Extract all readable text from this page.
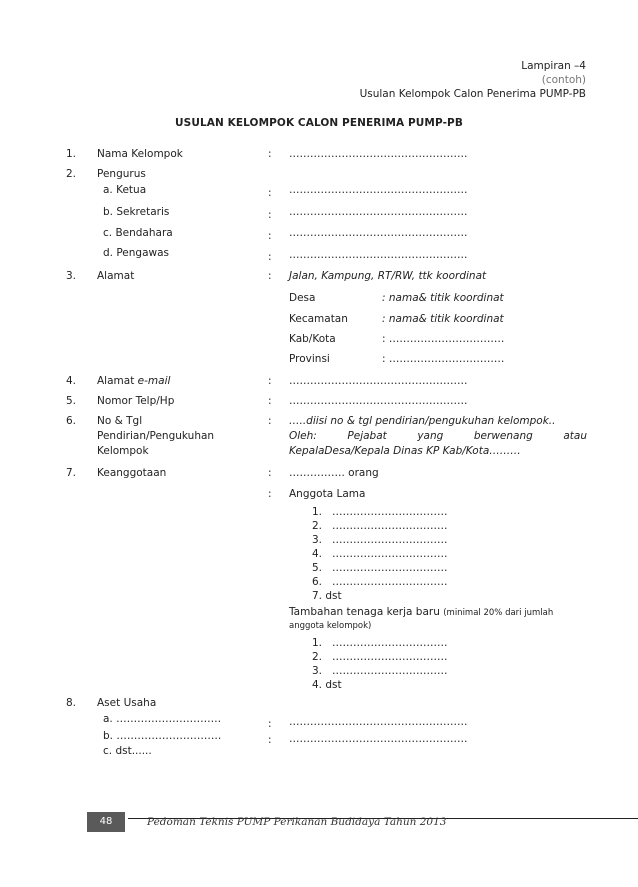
Lampiran –4
(contoh)
Usulan Kelompok Calon Penerima PUMP-PB
USULAN KELOMPOK CALON PENERIMA PUMP-PB
1. Nama Kelompok	: ……………………………………………
2. Pengurus
a. Ketua	: ……………………………………………
b. Sekretaris	: ……………………………………………
c. Bendahara	: ……………………………………………
d. Pengawas	: ……………………………………………
3. Alamat	: Jalan, Kampung, RT/RW, ttk koordinat
Desa	: nama& titik koordinat
Kecamatan	: nama& titik koordinat
Kab/Kota	: ……………………………
Provinsi	: ……………………………
4. Alamat e-mail	: ……………………………………………
5. Nomor Telp/Hp	: ……………………………………………
6. No & Tgl
Pendirian/Pengukuhan
Kelompok
: …..diisi no & tgl pendirian/pengukuhan kelompok..
Oleh: Pejabat yang berwenang atau
KepalaDesa/Kepala Dinas KP Kab/Kota………
7. Keanggotaan	: ……………. orang
: Anggota Lama
1. ……………………………
2. ……………………………
3. ……………………………
4. ……………………………
5. ……………………………
6. ……………………………
7. dst
Tambahan tenaga kerja baru (minimal 20% dari jumlah
anggota kelompok)
1. ……………………………
2. ……………………………
3. ……………………………
4. dst
8. Aset Usaha
a. …………………………	: ……………………………………………
b. …………………………	: ……………………………………………
c. dst......
48	Pedoman Teknis PUMP Perikanan Budidaya Tahun 2013
